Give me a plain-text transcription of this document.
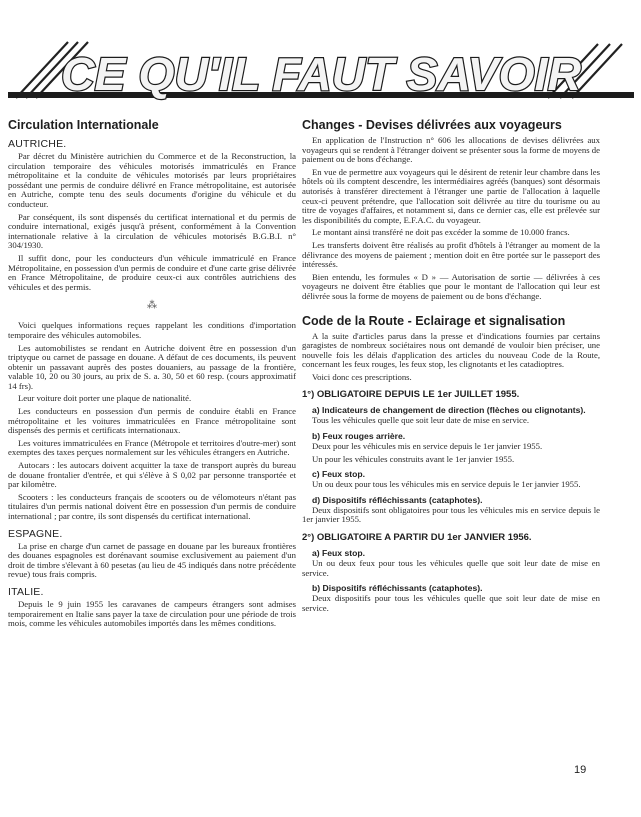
CE QU'IL FAUT SAVOIR
Circulation Internationale
AUTRICHE.

Par décret du Ministère autrichien du Commerce et de la Reconstruction, la circulation temporaire des véhicules motorisés immatriculés en France métropolitaine et la conduite de véhicules motorisés par leurs propriétaires possédant une permis de conduire délivré en France métropolitaine, est autorisée en Autriche, compte tenu des seuls documents d'origine du véhicule et du conducteur.

Par conséquent, ils sont dispensés du certificat international et du permis de conduire international, exigés jusqu'à présent, conformément à la Convention internationale relative à la circulation de véhicules motorisés B.G.B.I. n° 304/1930.

Il suffit donc, pour les conducteurs d'un véhicule immatriculé en France Métropolitaine, en possession d'un permis de conduire et d'une carte grise délivrée en France Métropolitaine, de produire ceux-ci aux contrôles autrichiens des véhicules et des permis.

⁂

Voici quelques informations reçues rappelant les conditions d'importation temporaire des véhicules automobiles.

Les automobilistes se rendant en Autriche doivent être en possession d'un triptyque ou carnet de passage en douane. A défaut de ces documents, ils peuvent obtenir un passavant auprès des postes douaniers, au passage de la frontière, valable 10, 20 ou 30 jours, au prix de S. a. 30, 50 et 60 resp. (cours approximatif 14 frs).

Leur voiture doit porter une plaque de nationalité.

Les conducteurs en possession d'un permis de conduire établi en France métropolitaine et les voitures immatriculées en France métropolitaine sont dispensés des permis et certificats internationaux.

Les voitures immatriculées en France (Métropole et territoires d'outre-mer) sont exemptes des taxes perçues normalement sur les véhicules étrangers en Autriche.

Autocars : les autocars doivent acquitter la taxe de transport auprès du bureau de douane frontalier d'entrée, et qui s'élève à S 0,02 par personne transportée et par kilomètre.

Scooters : les conducteurs français de scooters ou de vélomoteurs n'étant pas titulaires d'un permis national doivent être en possession d'un permis de conduire international ; par contre, ils sont dispensés du certificat international.

ESPAGNE.

La prise en charge d'un carnet de passage en douane par les bureaux frontières des douanes espagnoles est dorénavant soumise exclusivement au paiement d'un droit de timbre s'élevant à 60 pesetas (au lieu de 45 indiqués dans notre précédente revue) tous frais compris.

ITALIE.

Depuis le 9 juin 1955 les caravanes de campeurs étrangers sont admises temporairement en Italie sans payer la taxe de circulation pour une période de trois mois, comme les véhicules automobiles importés dans les mêmes conditions.

Changes - Devises délivrées aux voyageurs

En application de l'Instruction n° 606 les allocations de devises délivrées aux voyageurs qui se rendent à l'étranger doivent se présenter sous la forme de moyens de paiement ou de bons d'échange.

En vue de permettre aux voyageurs qui le désirent de retenir leur chambre dans les hôtels où ils comptent descendre, les intermédiaires agréés (banques) sont désormais autorisés à transférer directement à l'étranger une partie de l'allocation à laquelle ceux-ci peuvent prétendre, que l'allocation soit délivrée au titre du tourisme ou au titre de voyages d'affaires, et notamment si, dans ce dernier cas, elle est prélevée sur les disponibilités du compte, E.F.A.C. du voyageur.

Le montant ainsi transféré ne doit pas excéder la somme de 10.000 francs.

Les transferts doivent être réalisés au profit d'hôtels à l'étranger au moment de la délivrance des moyens de paiement ; mention doit en être portée sur le passeport des intéressés.

Bien entendu, les formules « D » — Autorisation de sortie — délivrées à ces voyageurs ne doivent être établies que pour le montant de l'allocation qui leur est délivrée sous la forme de moyens de paiement ou de bons d'échange.

Code de la Route - Eclairage et signalisation

A la suite d'articles parus dans la presse et d'indications fournies par certains garagistes de nombreux sociétaires nous ont demandé de vouloir bien préciser, une nouvelle fois les délais d'application des articles du nouveau Code de la Route, concernant les feux rouges, les feux stop, les clignotants et les catadioptres.

Voici donc ces prescriptions.

1°) OBLIGATOIRE DEPUIS LE 1er JUILLET 1955.
a) Indicateurs de changement de direction (flèches ou clignotants).

Tous les véhicules quelle que soit leur date de mise en service.

b) Feux rouges arrière.

Deux pour les véhicules mis en service depuis le 1er janvier 1955.

Un pour les véhicules construits avant le 1er janvier 1955.

c) Feux stop.

Un ou deux pour tous les véhicules mis en service depuis le 1er janvier 1955.

d) Dispositifs réfléchissants (cataphotes).

Deux dispositifs sont obligatoires pour tous les véhicules mis en service depuis le 1er janvier 1955.

2°) OBLIGATOIRE A PARTIR DU 1er JANVIER 1956.
a) Feux stop.

Un ou deux feux pour tous les véhicules quelle que soit leur date de mise en service.

b) Dispositifs réfléchissants (cataphotes).

Deux dispositifs pour tous les véhicules quelle que soit leur date de mise en service.

19
